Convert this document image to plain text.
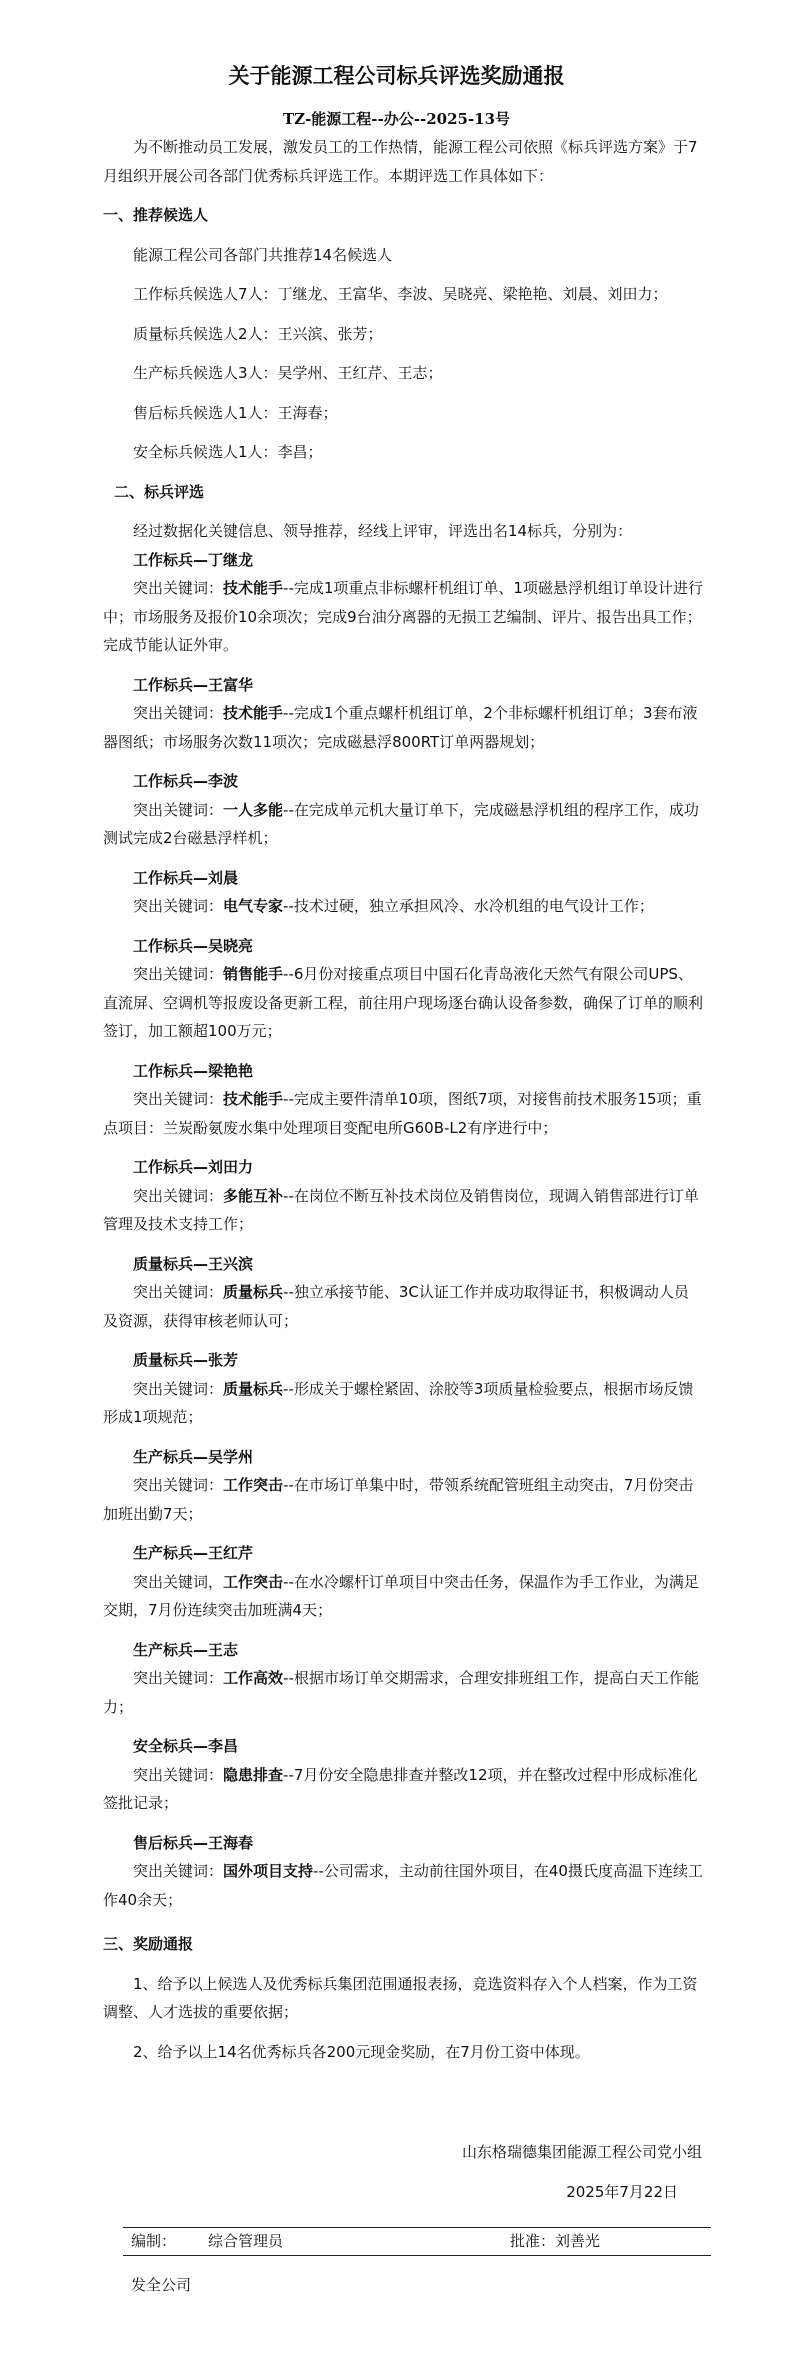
关于能源工程公司标兵评选奖励通报
TZ-能源工程--办公--2025-13号

为不断推动员工发展，激发员工的工作热情，能源工程公司依照《标兵评选方案》于7月组织开展公司各部门优秀标兵评选工作。本期评选工作具体如下：

一、推荐候选人

能源工程公司各部门共推荐14名候选人

工作标兵候选人7人：丁继龙、王富华、李波、吴晓亮、梁艳艳、刘晨、刘田力；

质量标兵候选人2人：王兴滨、张芳；

生产标兵候选人3人：吴学州、王红芹、王志；

售后标兵候选人1人：王海春；

安全标兵候选人1人：李昌；

二、标兵评选

经过数据化关键信息、领导推荐，经线上评审，评选出名14标兵，分别为：

工作标兵—丁继龙

突出关键词：技术能手--完成1项重点非标螺杆机组订单、1项磁悬浮机组订单设计进行中；市场服务及报价10余项次；完成9台油分离器的无损工艺编制、评片、报告出具工作；完成节能认证外审。

工作标兵—王富华

突出关键词：技术能手--完成1个重点螺杆机组订单，2个非标螺杆机组订单；3套布液器图纸；市场服务次数11项次；完成磁悬浮800RT订单两器规划；

工作标兵—李波

突出关键词：一人多能--在完成单元机大量订单下，完成磁悬浮机组的程序工作，成功测试完成2台磁悬浮样机；

工作标兵—刘晨

突出关键词：电气专家--技术过硬，独立承担风冷、水冷机组的电气设计工作；

工作标兵—吴晓亮

突出关键词：销售能手--6月份对接重点项目中国石化青岛液化天然气有限公司UPS、直流屏、空调机等报废设备更新工程，前往用户现场逐台确认设备参数，确保了订单的顺利签订，加工额超100万元；

工作标兵—梁艳艳

突出关键词：技术能手--完成主要件清单10项，图纸7项，对接售前技术服务15项；重点项目：兰炭酚氨废水集中处理项目变配电所G60B-L2有序进行中；

工作标兵—刘田力

突出关键词：多能互补--在岗位不断互补技术岗位及销售岗位，现调入销售部进行订单管理及技术支持工作；

质量标兵—王兴滨

突出关键词：质量标兵--独立承接节能、3C认证工作并成功取得证书，积极调动人员及资源，获得审核老师认可；

质量标兵—张芳

突出关键词：质量标兵--形成关于螺栓紧固、涂胶等3项质量检验要点，根据市场反馈形成1项规范；

生产标兵—吴学州

突出关键词：工作突击--在市场订单集中时，带领系统配管班组主动突击，7月份突击加班出勤7天；

生产标兵—王红芹

突出关键词，工作突击--在水冷螺杆订单项目中突击任务，保温作为手工作业，为满足交期，7月份连续突击加班满4天；

生产标兵—王志

突出关键词：工作高效--根据市场订单交期需求，合理安排班组工作，提高白天工作能力；

安全标兵—李昌

突出关键词：隐患排查--7月份安全隐患排查并整改12项，并在整改过程中形成标准化签批记录；

售后标兵—王海春

突出关键词：国外项目支持--公司需求，主动前往国外项目，在40摄氏度高温下连续工作40余天；

三、奖励通报

1、给予以上候选人及优秀标兵集团范围通报表扬，竞选资料存入个人档案，作为工资调整、人才选拔的重要依据；

2、给予以上14名优秀标兵各200元现金奖励，在7月份工资中体现。

山东格瑞德集团能源工程公司党小组
2025年7月22日
编制： 综合管理员	批准：刘善光
发全公司
